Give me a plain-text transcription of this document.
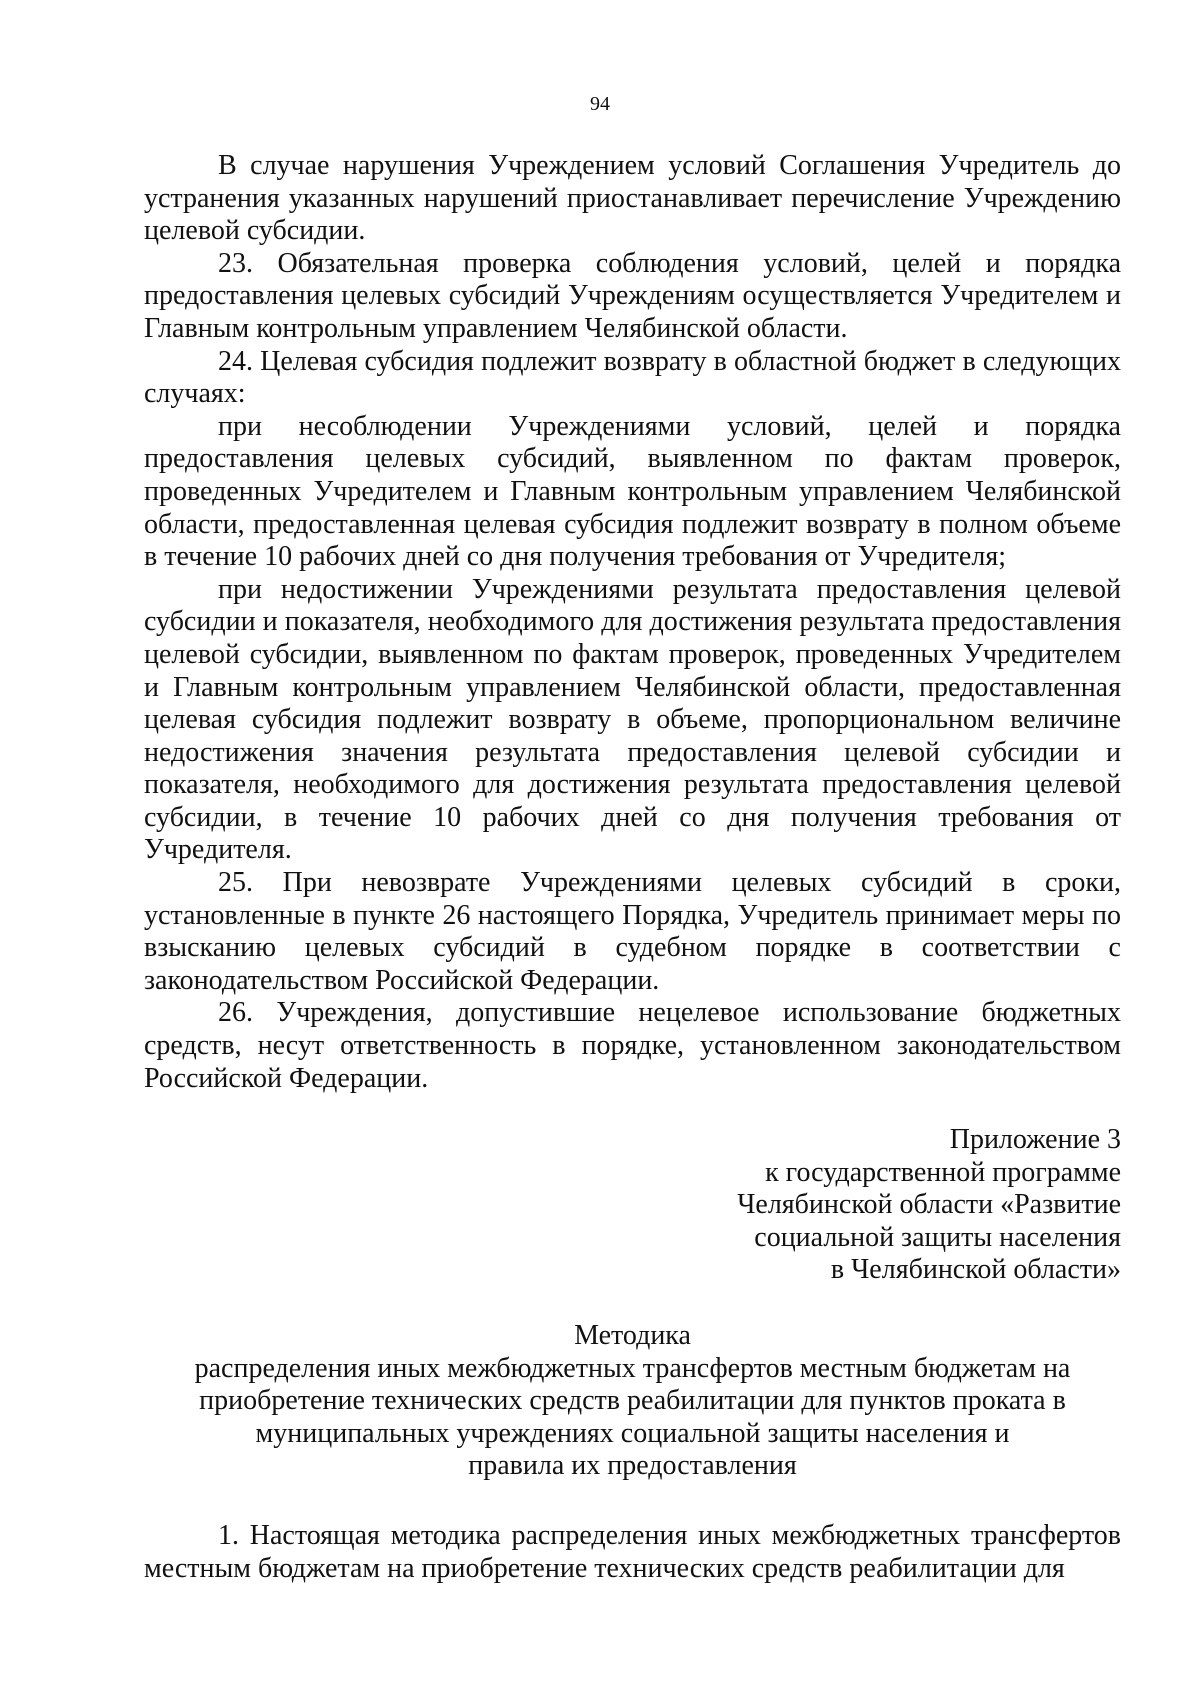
94

В случае нарушения Учреждением условий Соглашения Учредитель до устранения указанных нарушений приостанавливает перечисление Учреждению целевой субсидии.

23. Обязательная проверка соблюдения условий, целей и порядка предоставления целевых субсидий Учреждениям осуществляется Учредителем и Главным контрольным управлением Челябинской области.

24. Целевая субсидия подлежит возврату в областной бюджет в следующих случаях:

при несоблюдении Учреждениями условий, целей и порядка предоставления целевых субсидий, выявленном по фактам проверок, проведенных Учредителем и Главным контрольным управлением Челябинской области, предоставленная целевая субсидия подлежит возврату в полном объеме в течение 10 рабочих дней со дня получения требования от Учредителя;

при недостижении Учреждениями результата предоставления целевой субсидии и показателя, необходимого для достижения результата предоставления целевой субсидии, выявленном по фактам проверок, проведенных Учредителем и Главным контрольным управлением Челябинской области, предоставленная целевая субсидия подлежит возврату в объеме, пропорциональном величине недостижения значения результата предоставления целевой субсидии и показателя, необходимого для достижения результата предоставления целевой субсидии, в течение 10 рабочих дней со дня получения требования от Учредителя.

25. При невозврате Учреждениями целевых субсидий в сроки, установленные в пункте 26 настоящего Порядка, Учредитель принимает меры по взысканию целевых субсидий в судебном порядке в соответствии с законодательством Российской Федерации.

26. Учреждения, допустившие нецелевое использование бюджетных средств, несут ответственность в порядке, установленном законодательством Российской Федерации.

Приложение 3
к государственной программе
Челябинской области «Развитие
социальной защиты населения
в Челябинской области»
Методика
распределения иных межбюджетных трансфертов местным бюджетам на
приобретение технических средств реабилитации для пунктов проката в
муниципальных учреждениях социальной защиты населения и
правила их предоставления

1. Настоящая методика распределения иных межбюджетных трансфертов местным бюджетам на приобретение технических средств реабилитации для
